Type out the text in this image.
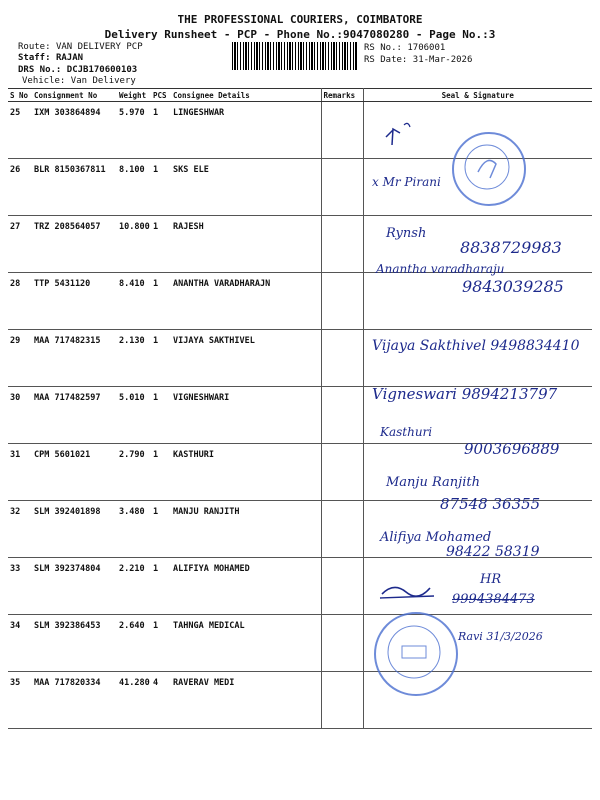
THE PROFESSIONAL COURIERS, COIMBATORE
Delivery Runsheet - PCP - Phone No.:9047080280 - Page No.:3
Route: VAN DELIVERY PCP
Staff: RAJAN
DRS No.: DCJB170600103
Vehicle: Van Delivery
RS No.: 1706001
RS Date: 31-Mar-2026
S No	Consignment No	Weight	PCS	Consignee Details	Remarks	Seal & Signature
25	IXM 303864894	5.970	1	LINGESHWAR		
26	BLR 8150367811	8.100	1	SKS ELE		
27	TRZ 208564057	10.800	1	RAJESH		
28	TTP 5431120	8.410	1	ANANTHA VARADHARAJN		
29	MAA 717482315	2.130	1	VIJAYA SAKTHIVEL		
30	MAA 717482597	5.010	1	VIGNESHWARI		
31	CPM 5601021	2.790	1	KASTHURI		
32	SLM 392401898	3.480	1	MANJU RANJITH		
33	SLM 392374804	2.210	1	ALIFIYA MOHAMED		
34	SLM 392386453	2.640	1	TAHNGA MEDICAL		
35	MAA 717820334	41.280	4	RAVERAV MEDI		
x Mr Pirani
Rynsh
8838729983
Anantha varadharaju
9843039285
Vijaya Sakthivel 9498834410
Vigneswari 9894213797
Kasthuri
9003696889
Manju Ranjith
87548 36355
Alifiya Mohamed
98422 58319
HR
9994384473
Ravi 31/3/2026
